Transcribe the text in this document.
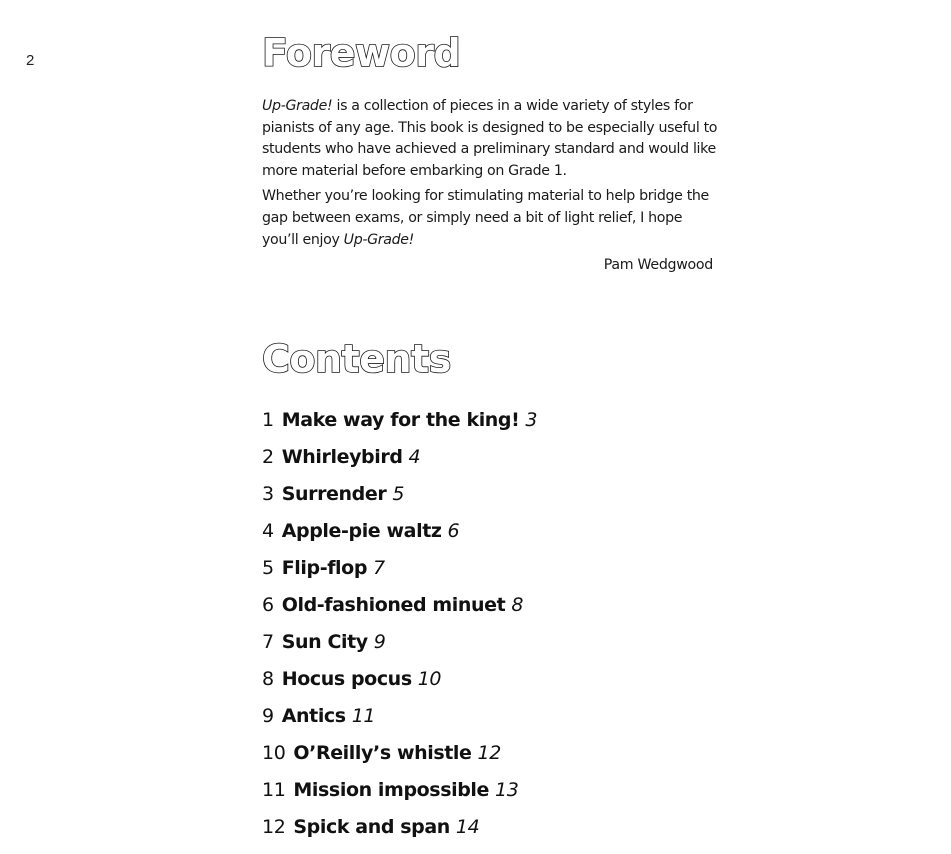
2	Foreword

Up-Grade! is a collection of pieces in a wide variety of styles for pianists of any age. This book is designed to be especially useful to students who have achieved a preliminary standard and would like more material before embarking on Grade 1.

Whether you’re looking for stimulating material to help bridge the gap between exams, or simply need a bit of light relief, I hope you’ll enjoy Up-Grade!

Pam Wedgwood
Contents
1 Make way for the king! 3
2 Whirleybird 4
3 Surrender 5
4 Apple-pie waltz 6
5 Flip-flop 7
6 Old-fashioned minuet 8
7 Sun City 9
8 Hocus pocus 10
9 Antics 11
10 O’Reilly’s whistle 12
11 Mission impossible 13
12 Spick and span 14
